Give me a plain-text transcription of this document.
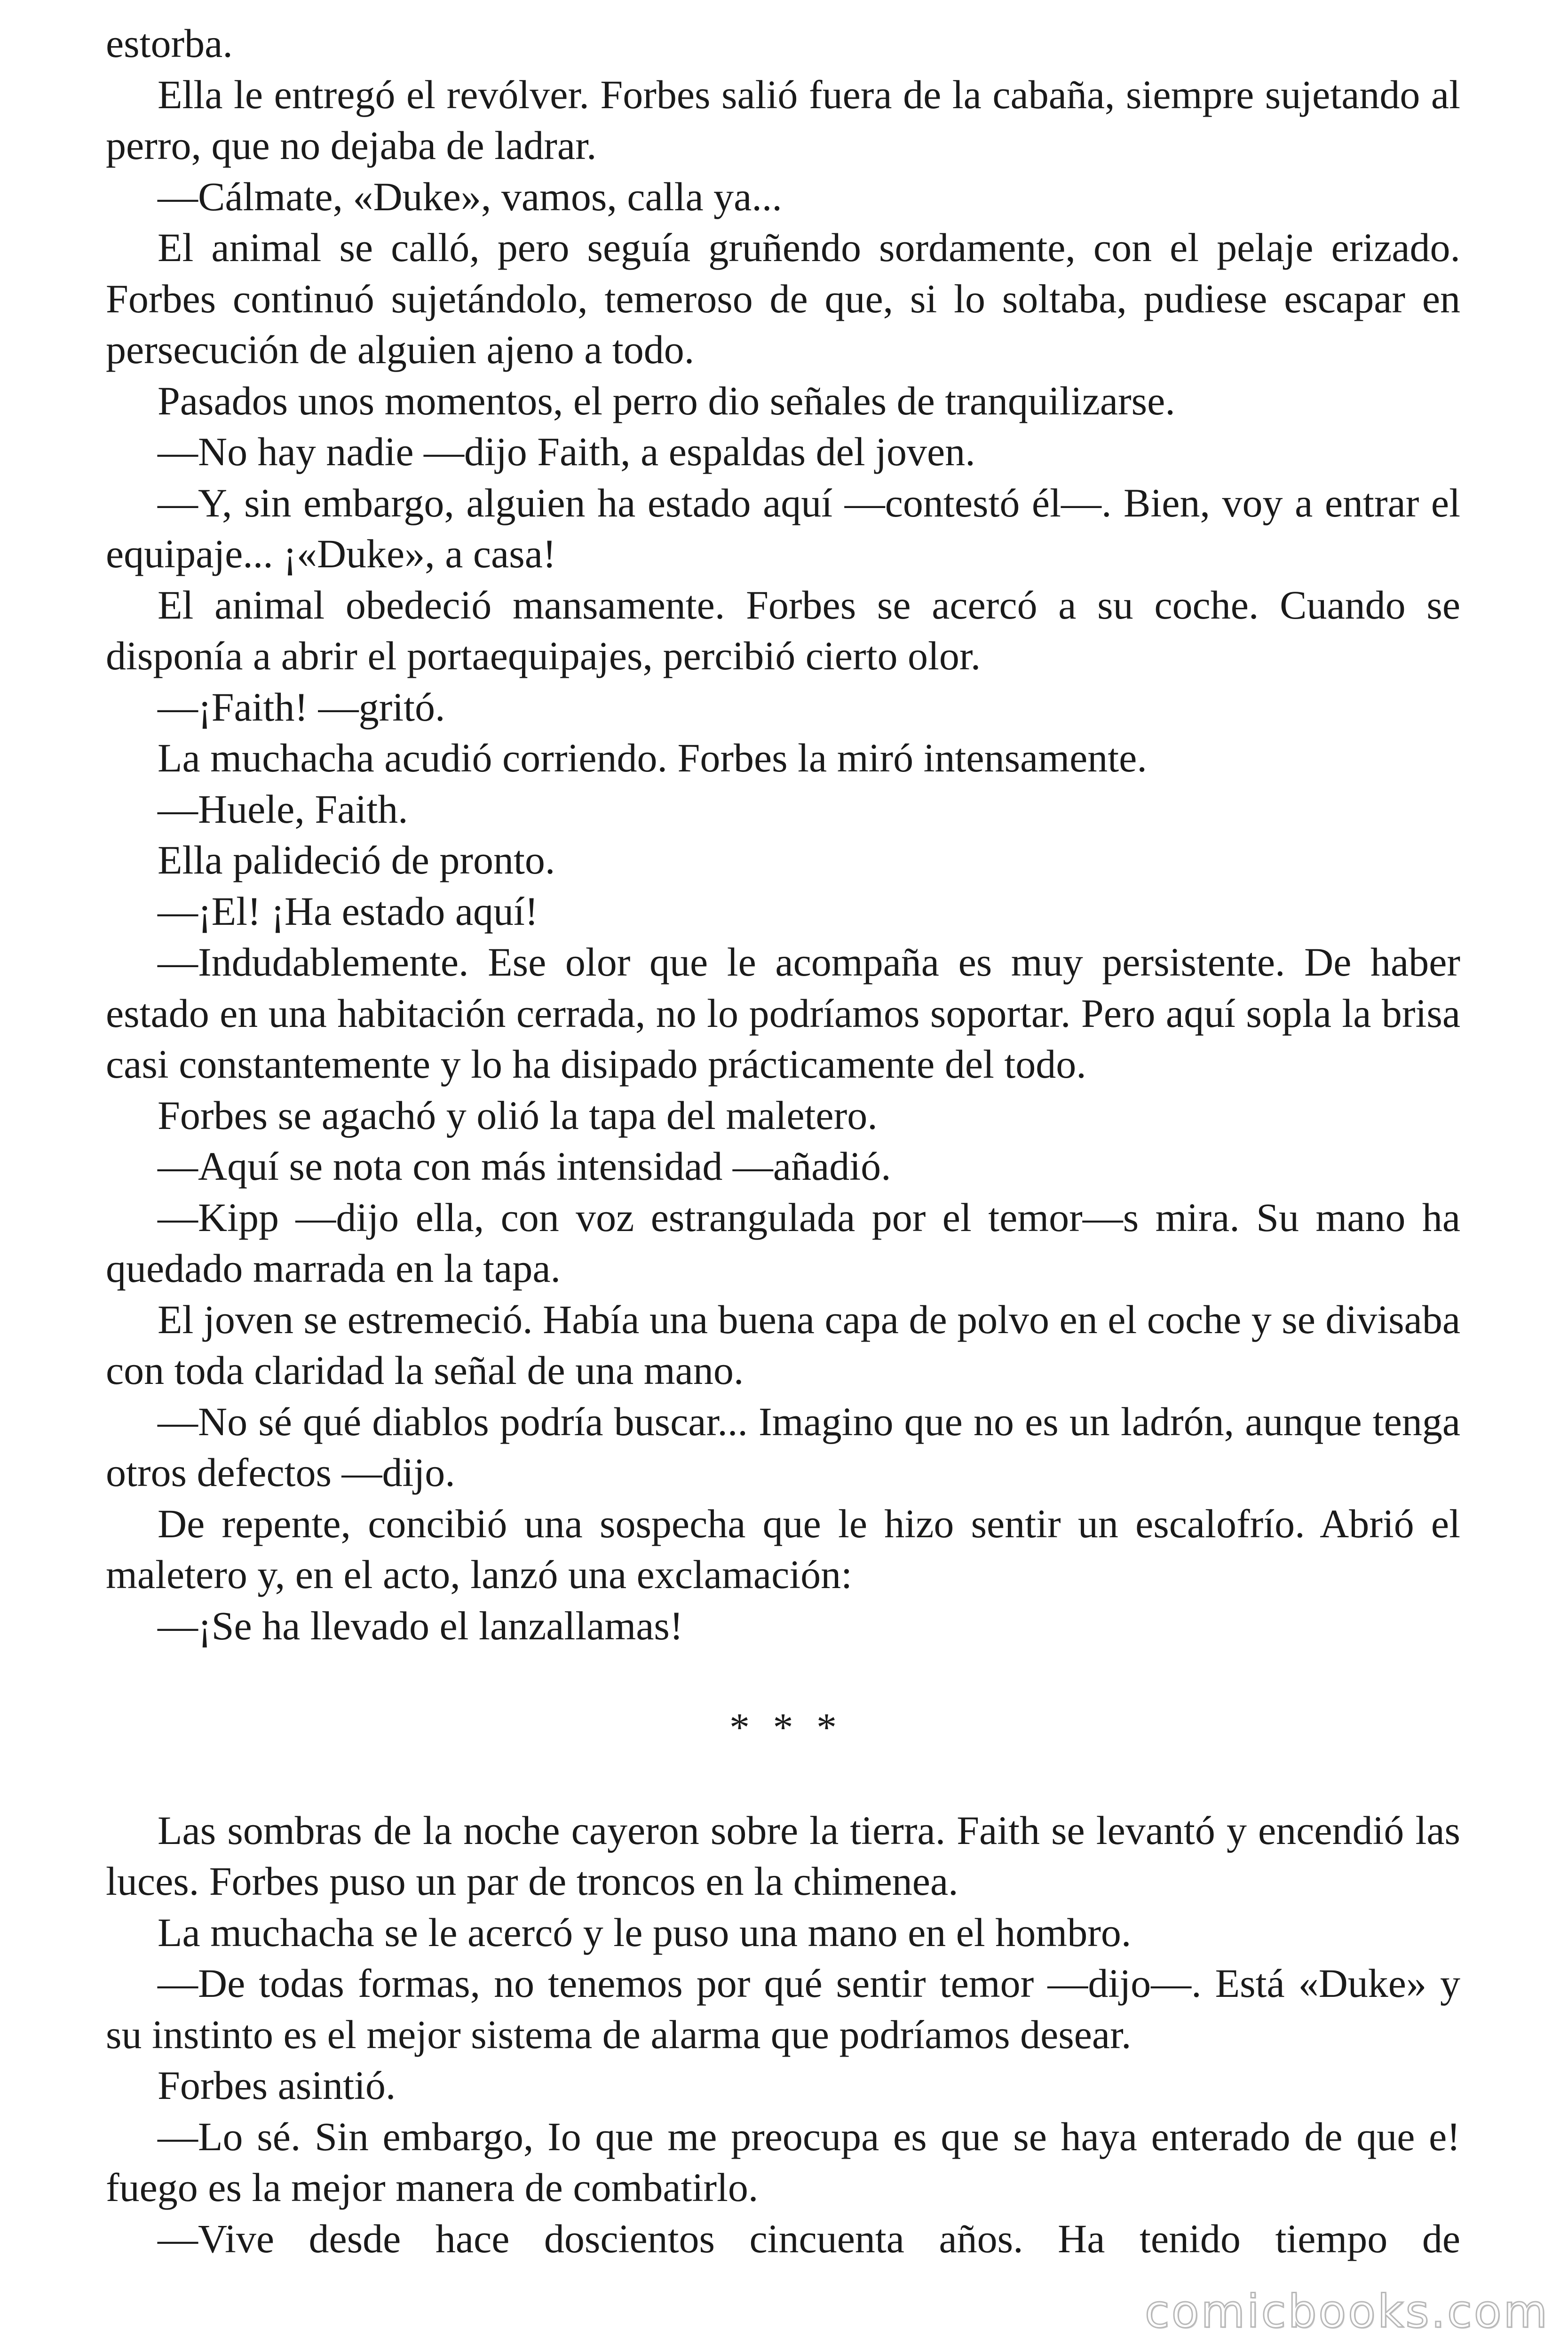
estorba.

Ella le entregó el revólver. Forbes salió fuera de la cabaña, siempre sujetando al perro, que no dejaba de ladrar.

—Cálmate, «Duke», vamos, calla ya...

El animal se calló, pero seguía gruñendo sordamente, con el pelaje erizado. Forbes continuó sujetándolo, temeroso de que, si lo soltaba, pudiese escapar en persecución de alguien ajeno a todo.

Pasados unos momentos, el perro dio señales de tranquilizarse.

—No hay nadie —dijo Faith, a espaldas del joven.

—Y, sin embargo, alguien ha estado aquí —contestó él—. Bien, voy a entrar el equipaje... ¡«Duke», a casa!

El animal obedeció mansamente. Forbes se acercó a su coche. Cuando se disponía a abrir el portaequipajes, percibió cierto olor.

—¡Faith! —gritó.

La muchacha acudió corriendo. Forbes la miró intensamente.

—Huele, Faith.

Ella palideció de pronto.

—¡El! ¡Ha estado aquí!

—Indudablemente. Ese olor que le acompaña es muy persistente. De haber estado en una habitación cerrada, no lo podríamos soportar. Pero aquí sopla la brisa casi constantemente y lo ha disipado prácticamente del todo.

Forbes se agachó y olió la tapa del maletero.

—Aquí se nota con más intensidad —añadió.

—Kipp —dijo ella, con voz estrangulada por el temor—s mira. Su mano ha quedado marrada en la tapa.

El joven se estremeció. Había una buena capa de polvo en el coche y se divisaba con toda claridad la señal de una mano.

—No sé qué diablos podría buscar... Imagino que no es un ladrón, aunque tenga otros defectos —dijo.

De repente, concibió una sospecha que le hizo sentir un escalofrío. Abrió el maletero y, en el acto, lanzó una exclamación:

—¡Se ha llevado el lanzallamas!

* * *

Las sombras de la noche cayeron sobre la tierra. Faith se levantó y encendió las luces. Forbes puso un par de troncos en la chimenea.

La muchacha se le acercó y le puso una mano en el hombro.

—De todas formas, no tenemos por qué sentir temor —dijo—. Está «Duke» y su instinto es el mejor sistema de alarma que podríamos desear.

Forbes asintió.

—Lo sé. Sin embargo, Io que me preocupa es que se haya enterado de que e! fuego es la mejor manera de combatirlo.

—Vive desde hace doscientos cincuenta años. Ha tenido tiempo de

comicbooks.com
